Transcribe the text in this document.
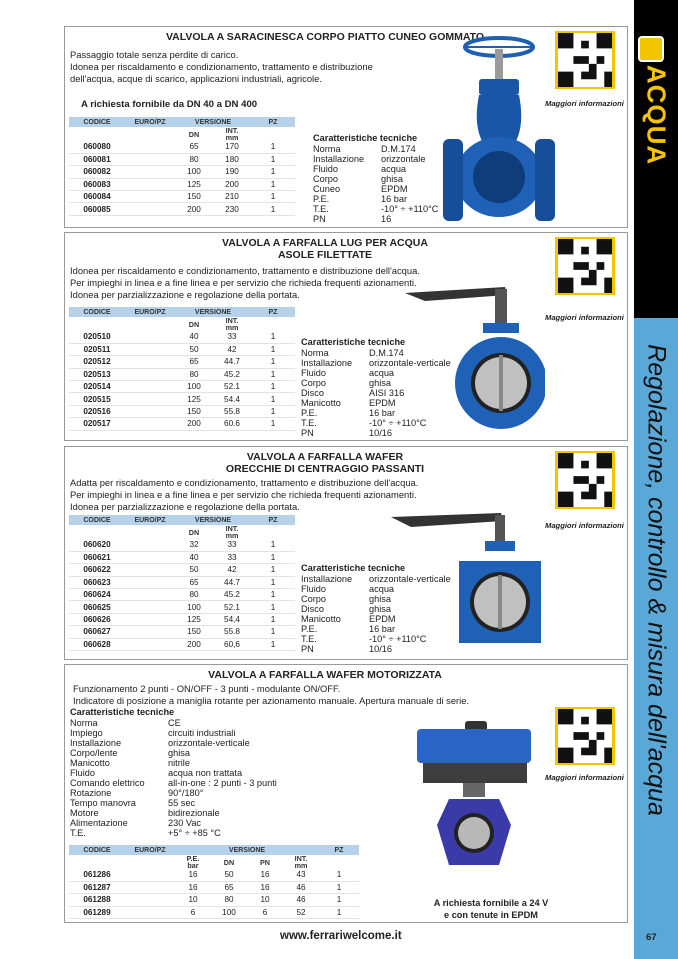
ACQUA
Regolazione, controllo & misura dell'acqua
VALVOLA A SARACINESCA CORPO PIATTO CUNEO GOMMATO
Passaggio totale senza perdite di carico.
Idonea per riscaldamento e condizionamento, trattamento e distribuzione
dell'acqua, acque di scarico, applicazioni industriali, agricole.
A richiesta fornibile da DN 40 a DN 400
CODICE	EURO/PZ	VERSIONE		PZ
		DN	INT.
mm	
060080		65	170	1
060081		80	180	1
060082		100	190	1
060083		125	200	1
060084		150	210	1
060085		200	230	1
Caratteristiche tecniche
Norma	D.M.174
Installazione	orizzontale
Fluido	acqua
Corpo	ghisa
Cuneo	EPDM
P.E.	16 bar
T.E.	-10° ÷ +110°C
PN	16
Maggiori informazioni
VALVOLA A FARFALLA LUG PER ACQUA
ASOLE FILETTATE
Idonea per riscaldamento e condizionamento, trattamento e distribuzione dell'acqua.
Per impieghi in linea e a fine linea e per servizio che richieda frequenti azionamenti.
Idonea per parzializzazione e regolazione della portata.
CODICE	EURO/PZ	VERSIONE		PZ
		DN	INT.
mm	
020510		40	33	1
020511		50	42	1
020512		65	44.7	1
020513		80	45.2	1
020514		100	52.1	1
020515		125	54.4	1
020516		150	55.8	1
020517		200	60.6	1
Caratteristiche tecniche
Norma	D.M.174
Installazione	orizzontale-verticale
Fluido	acqua
Corpo	ghisa
Disco	AISI 316
Manicotto	EPDM
P.E.	16 bar
T.E.	-10° ÷ +110°C
PN	10/16
Maggiori informazioni
VALVOLA A FARFALLA WAFER
ORECCHIE DI CENTRAGGIO PASSANTI
Adatta per riscaldamento e condizionamento, trattamento e distribuzione dell'acqua.
Per impieghi in linea e a fine linea e per servizio che richieda frequenti azionamenti.
Idonea per parzializzazione e regolazione della portata.
CODICE	EURO/PZ	VERSIONE		PZ
		DN	INT.
mm	
060620		32	33	1
060621		40	33	1
060622		50	42	1
060623		65	44.7	1
060624		80	45.2	1
060625		100	52.1	1
060626		125	54,4	1
060627		150	55.8	1
060628		200	60,6	1
Caratteristiche tecniche
Installazione	orizzontale-verticale
Fluido	acqua
Corpo	ghisa
Disco	ghisa
Manicotto	EPDM
P.E.	16 bar
T.E.	-10° ÷ +110°C
PN	10/16
Maggiori informazioni
VALVOLA A FARFALLA WAFER MOTORIZZATA
Funzionamento 2 punti - ON/OFF - 3 punti - modulante ON/OFF.
Indicatore di posizione a maniglia rotante per azionamento manuale. Apertura manuale di serie.
Caratteristiche tecniche
Norma	CE
Impiego	circuiti industriali
Installazione	orizzontale-verticale
Corpo/lente	ghisa
Manicotto	nitrile
Fluido	acqua non trattata
Comando elettrico	all-in-one : 2 punti - 3 punti
Rotazione	90°/180°
Tempo manovra	55 sec
Motore	bidirezionale
Alimentazione	230 Vac
T.E.	+5° ÷ +85 °C
CODICE	EURO/PZ	VERSIONE				PZ
		P.E.
bar	DN	PN	INT.
mm	
061286		16	50	16	43	1
061287		16	65	16	46	1
061288		10	80	10	46	1
061289		6	100	6	52	1
A richiesta fornibile a 24 V
e con tenute in EPDM
Maggiori informazioni
www.ferrariwelcome.it	67
